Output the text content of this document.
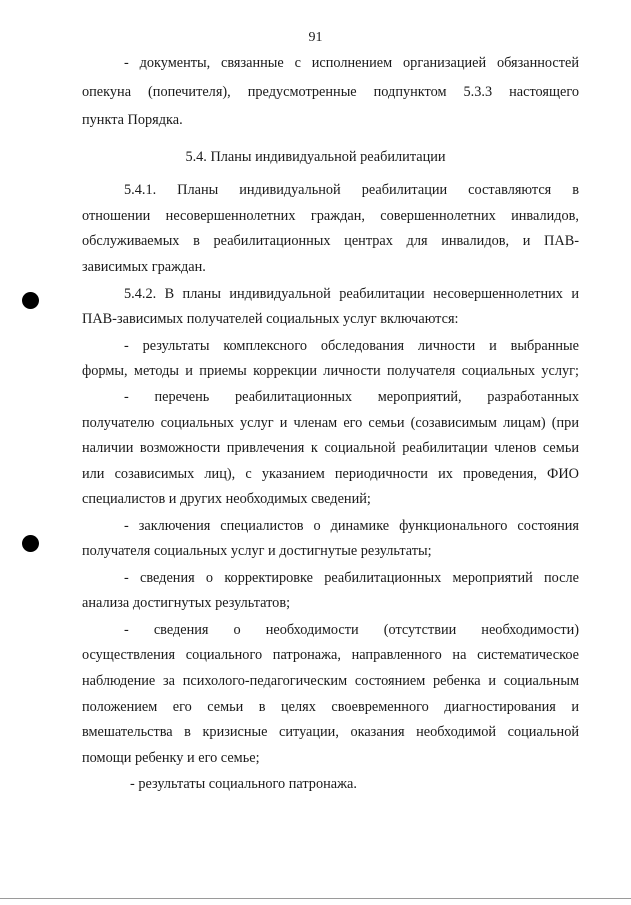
91
- документы, связанные с исполнением организацией обязанностей
опекуна (попечителя), предусмотренные подпунктом 5.3.3 настоящего
пункта Порядка.
5.4. Планы индивидуальной реабилитации
5.4.1. Планы индивидуальной реабилитации составляются в
отношении несовершеннолетних граждан, совершеннолетних инвалидов,
обслуживаемых в реабилитационных центрах для инвалидов, и ПАВ-
зависимых граждан.
5.4.2. В планы индивидуальной реабилитации несовершеннолетних и
ПАВ-зависимых получателей социальных услуг включаются:
- результаты комплексного обследования личности и выбранные
формы, методы и приемы коррекции личности получателя социальных услуг;
- перечень реабилитационных мероприятий, разработанных
получателю социальных услуг и членам его семьи (созависимым лицам) (при
наличии возможности привлечения к социальной реабилитации членов семьи
или созависимых лиц), с указанием периодичности их проведения, ФИО
специалистов и других необходимых сведений;
- заключения специалистов о динамике функционального состояния
получателя социальных услуг и достигнутые результаты;
- сведения о корректировке реабилитационных мероприятий после
анализа достигнутых результатов;
- сведения о необходимости (отсутствии необходимости)
осуществления социального патронажа, направленного на систематическое
наблюдение за психолого-педагогическим состоянием ребенка и социальным
положением его семьи в целях своевременного диагностирования и
вмешательства в кризисные ситуации, оказания необходимой социальной
помощи ребенку и его семье;
- результаты социального патронажа.
